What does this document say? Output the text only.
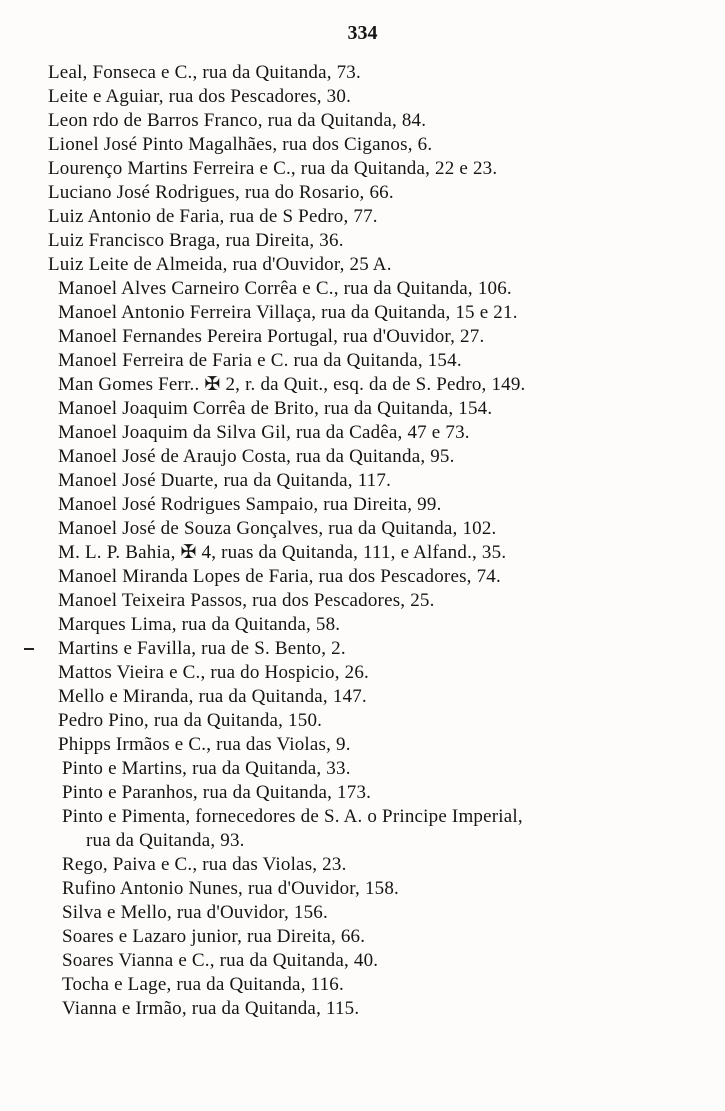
334
Leal, Fonseca e C., rua da Quitanda, 73.
Leite e Aguiar, rua dos Pescadores, 30.
Leon rdo de Barros Franco, rua da Quitanda, 84.
Lionel José Pinto Magalhães, rua dos Ciganos, 6.
Lourenço Martins Ferreira e C., rua da Quitanda, 22 e 23.
Luciano José Rodrigues, rua do Rosario, 66.
Luiz Antonio de Faria, rua de S Pedro, 77.
Luiz Francisco Braga, rua Direita, 36.
Luiz Leite de Almeida, rua d'Ouvidor, 25 A.
Manoel Alves Carneiro Corrêa e C., rua da Quitanda, 106.
Manoel Antonio Ferreira Villaça, rua da Quitanda, 15 e 21.
Manoel Fernandes Pereira Portugal, rua d'Ouvidor, 27.
Manoel Ferreira de Faria e C. rua da Quitanda, 154.
Man Gomes Ferr.. ✠ 2, r. da Quit., esq. da de S. Pedro, 149.
Manoel Joaquim Corrêa de Brito, rua da Quitanda, 154.
Manoel Joaquim da Silva Gil, rua da Cadêa, 47 e 73.
Manoel José de Araujo Costa, rua da Quitanda, 95.
Manoel José Duarte, rua da Quitanda, 117.
Manoel José Rodrigues Sampaio, rua Direita, 99.
Manoel José de Souza Gonçalves, rua da Quitanda, 102.
M. L. P. Bahia, ✠ 4, ruas da Quitanda, 111, e Alfand., 35.
Manoel Miranda Lopes de Faria, rua dos Pescadores, 74.
Manoel Teixeira Passos, rua dos Pescadores, 25.
Marques Lima, rua da Quitanda, 58.
Martins e Favilla, rua de S. Bento, 2.
Mattos Vieira e C., rua do Hospicio, 26.
Mello e Miranda, rua da Quitanda, 147.
Pedro Pino, rua da Quitanda, 150.
Phipps Irmãos e C., rua das Violas, 9.
Pinto e Martins, rua da Quitanda, 33.
Pinto e Paranhos, rua da Quitanda, 173.
Pinto e Pimenta, fornecedores de S. A. o Principe Imperial,
rua da Quitanda, 93.
Rego, Paiva e C., rua das Violas, 23.
Rufino Antonio Nunes, rua d'Ouvidor, 158.
Silva e Mello, rua d'Ouvidor, 156.
Soares e Lazaro junior, rua Direita, 66.
Soares Vianna e C., rua da Quitanda, 40.
Tocha e Lage, rua da Quitanda, 116.
Vianna e Irmão, rua da Quitanda, 115.
